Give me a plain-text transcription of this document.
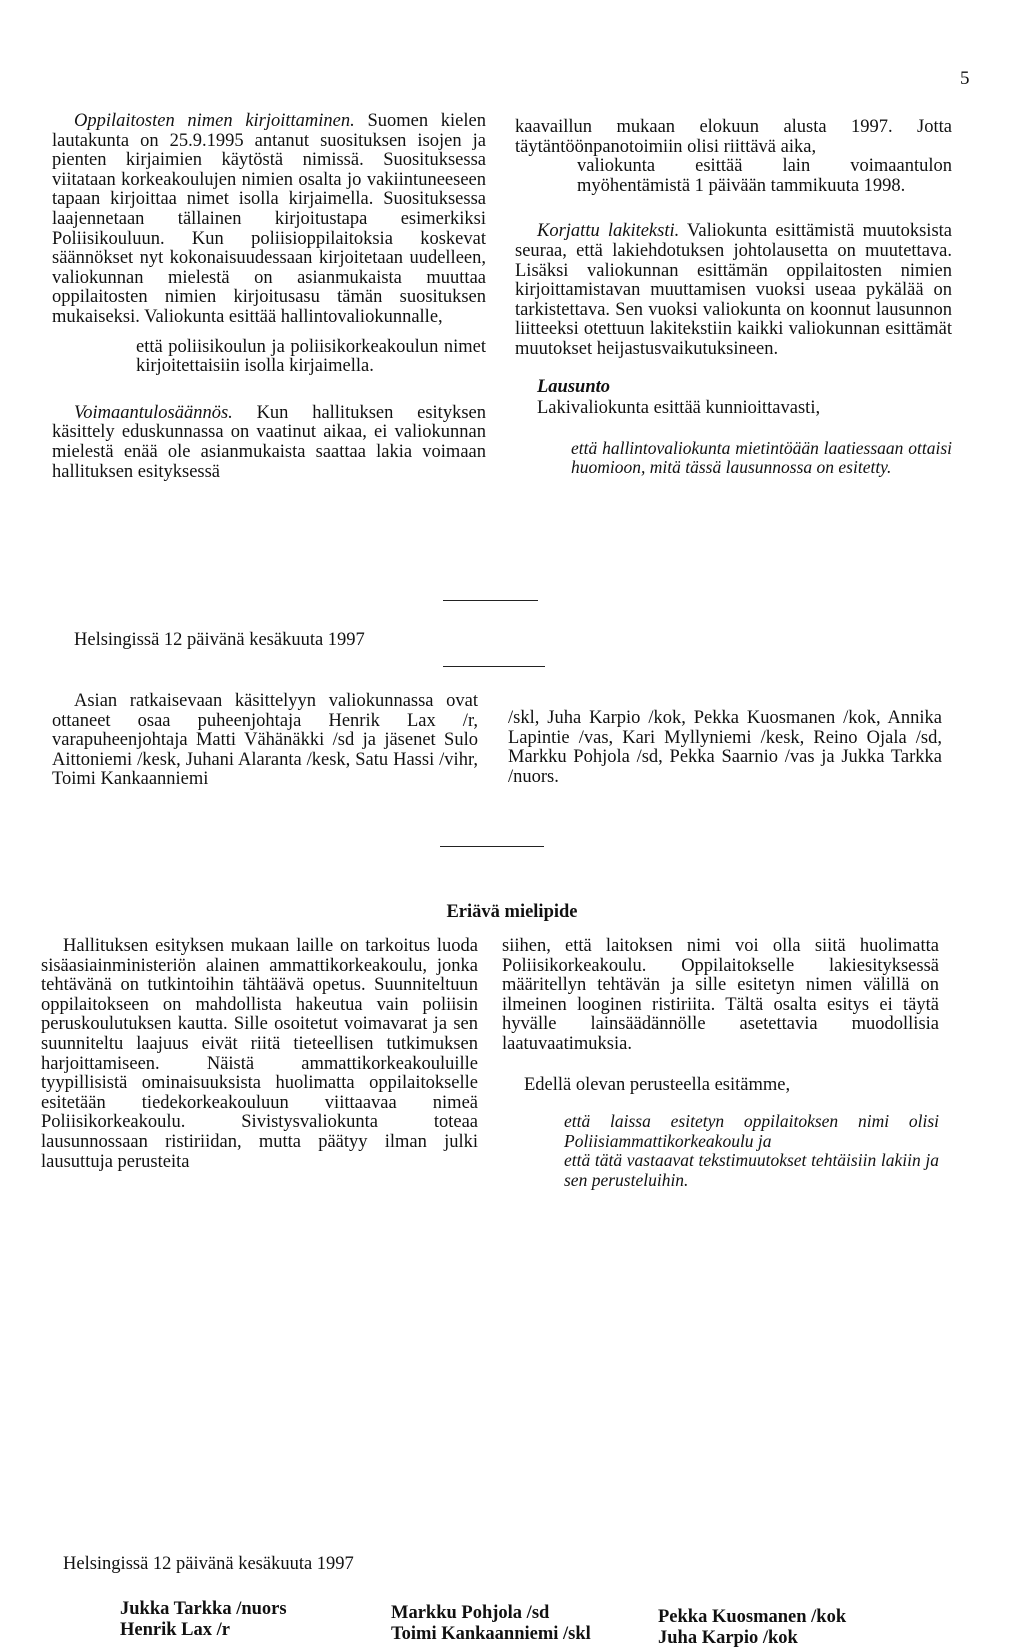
5

Oppilaitosten nimen kirjoittaminen. Suomen kielen lautakunta on 25.9.1995 antanut suosituksen isojen ja pienten kirjaimien käytöstä nimissä. Suosituksessa viitataan korkeakoulujen nimien osalta jo vakiintuneeseen tapaan kirjoittaa nimet isolla kirjaimella. Suosituksessa laajennetaan tällainen kirjoitustapa esimerkiksi Poliisikouluun. Kun poliisioppilaitoksia koskevat säännökset nyt kokonaisuudessaan kirjoitetaan uudelleen, valiokunnan mielestä on asianmukaista muuttaa oppilaitosten nimien kirjoitusasu tämän suosituksen mukaiseksi. Valiokunta esittää hallintovaliokunnalle,

että poliisikoulun ja poliisikorkeakoulun nimet kirjoitettaisiin isolla kirjaimella.

Voimaantulosäännös. Kun hallituksen esityksen käsittely eduskunnassa on vaatinut aikaa, ei valiokunnan mielestä enää ole asianmukaista saattaa lakia voimaan hallituksen esityksessä

kaavaillun mukaan elokuun alusta 1997. Jotta täytäntöönpanotoimiin olisi riittävä aika,

valiokunta esittää lain voimaantulon myöhentämistä 1 päivään tammikuuta 1998.

Korjattu lakiteksti. Valiokunta esittämistä muutoksista seuraa, että lakiehdotuksen johtolausetta on muutettava. Lisäksi valiokunnan esittämän oppilaitosten nimien kirjoittamistavan muuttamisen vuoksi useaa pykälää on tarkistettava. Sen vuoksi valiokunta on koonnut lausunnon liitteeksi otettuun lakitekstiin kaikki valiokunnan esittämät muutokset heijastusvaikutuksineen.

Lausunto

Lakivaliokunta esittää kunnioittavasti,

että hallintovaliokunta mietintöään laatiessaan ottaisi huomioon, mitä tässä lausunnossa on esitetty.

Helsingissä 12 päivänä kesäkuuta 1997
Asian ratkaisevaan käsittelyyn valiokunnassa ovat ottaneet osaa puheenjohtaja Henrik Lax /r, varapuheenjohtaja Matti Vähänäkki /sd ja jäsenet Sulo Aittoniemi /kesk, Juhani Alaranta /kesk, Satu Hassi /vihr, Toimi Kankaanniemi
/skl, Juha Karpio /kok, Pekka Kuosmanen /kok, Annika Lapintie /vas, Kari Myllyniemi /kesk, Reino Ojala /sd, Markku Pohjola /sd, Pekka Saarnio /vas ja Jukka Tarkka /nuors.
Eriävä mielipide
Hallituksen esityksen mukaan laille on tarkoitus luoda sisäasiainministeriön alainen ammattikorkeakoulu, jonka tehtävänä on tutkintoihin tähtäävä opetus. Suunniteltuun oppilaitokseen on mahdollista hakeutua vain poliisin peruskoulutuksen kautta. Sille osoitetut voimavarat ja sen suunniteltu laajuus eivät riitä tieteellisen tutkimuksen harjoittamiseen. Näistä ammattikorkeakouluille tyypillisistä ominaisuuksista huolimatta oppilaitokselle esitetään tiedekorkeakouluun viittaavaa nimeä Poliisikorkeakoulu. Sivistysvaliokunta toteaa lausunnossaan ristiriidan, mutta päätyy ilman julki lausuttuja perusteita

siihen, että laitoksen nimi voi olla siitä huolimatta Poliisikorkeakoulu. Oppilaitokselle lakiesityksessä määritellyn tehtävän ja sille esitetyn nimen välillä on ilmeinen looginen ristiriita. Tältä osalta esitys ei täytä hyvälle lainsäädännölle asetettavia muodollisia laatuvaatimuksia.

Edellä olevan perusteella esitämme,

että laissa esitetyn oppilaitoksen nimi olisi Poliisiammattikorkeakoulu ja

että tätä vastaavat tekstimuutokset tehtäisiin lakiin ja sen perusteluihin.

Helsingissä 12 päivänä kesäkuuta 1997
Jukka Tarkka /nuors
Henrik Lax /r
Markku Pohjola /sd
Toimi Kankaanniemi /skl
Pekka Kuosmanen /kok
Juha Karpio /kok
